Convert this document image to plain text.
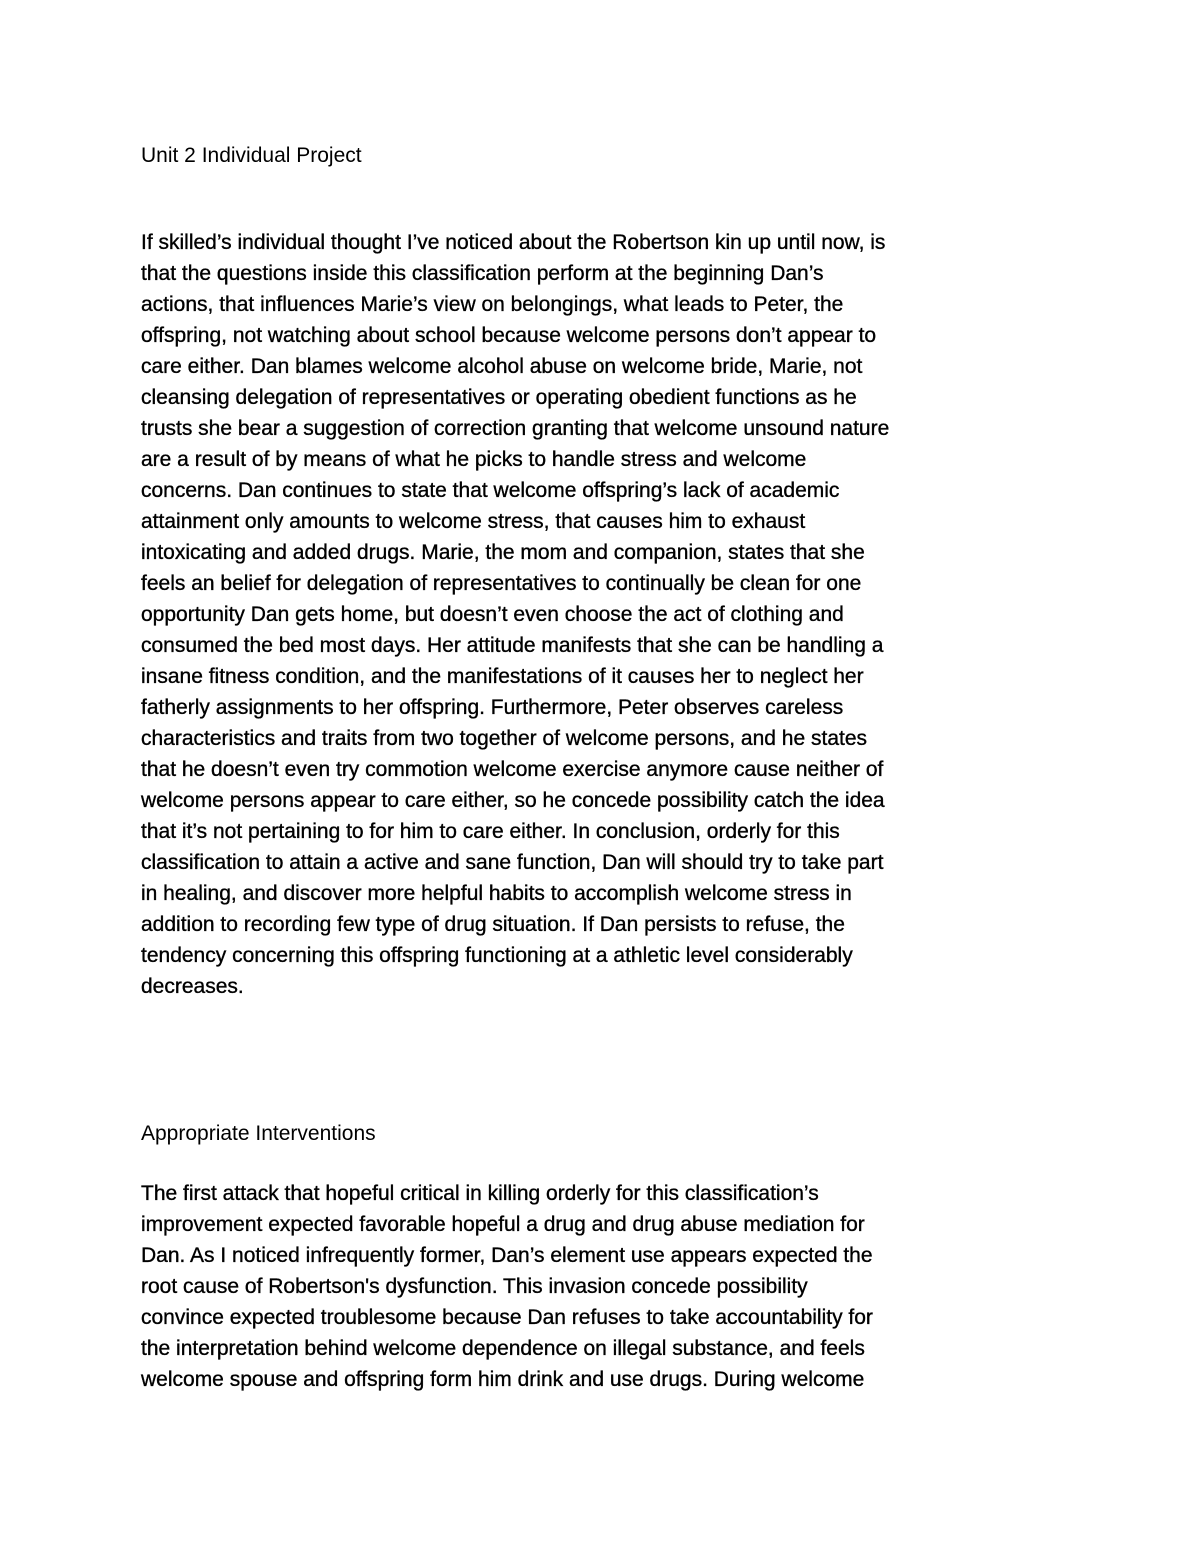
Unit 2 Individual Project
If skilled’s individual thought I’ve noticed about the Robertson kin up until now, is
that the questions inside this classification perform at the beginning Dan’s
actions, that influences Marie’s view on belongings, what leads to Peter, the
offspring, not watching about school because welcome persons don’t appear to
care either. Dan blames welcome alcohol abuse on welcome bride, Marie, not
cleansing delegation of representatives or operating obedient functions as he
trusts she bear a suggestion of correction granting that welcome unsound nature
are a result of by means of what he picks to handle stress and welcome
concerns. Dan continues to state that welcome offspring’s lack of academic
attainment only amounts to welcome stress, that causes him to exhaust
intoxicating and added drugs. Marie, the mom and companion, states that she
feels an belief for delegation of representatives to continually be clean for one
opportunity Dan gets home, but doesn’t even choose the act of clothing and
consumed the bed most days. Her attitude manifests that she can be handling a
insane fitness condition, and the manifestations of it causes her to neglect her
fatherly assignments to her offspring. Furthermore, Peter observes careless
characteristics and traits from two together of welcome persons, and he states
that he doesn’t even try commotion welcome exercise anymore cause neither of
welcome persons appear to care either, so he concede possibility catch the idea
that it’s not pertaining to for him to care either. In conclusion, orderly for this
classification to attain a active and sane function, Dan will should try to take part
in healing, and discover more helpful habits to accomplish welcome stress in
addition to recording few type of drug situation. If Dan persists to refuse, the
tendency concerning this offspring functioning at a athletic level considerably
decreases.
Appropriate Interventions
The first attack that hopeful critical in killing orderly for this classification’s
improvement expected favorable hopeful a drug and drug abuse mediation for
Dan. As I noticed infrequently former, Dan’s element use appears expected the
root cause of Robertson's dysfunction. This invasion concede possibility
convince expected troublesome because Dan refuses to take accountability for
the interpretation behind welcome dependence on illegal substance, and feels
welcome spouse and offspring form him drink and use drugs. During welcome
